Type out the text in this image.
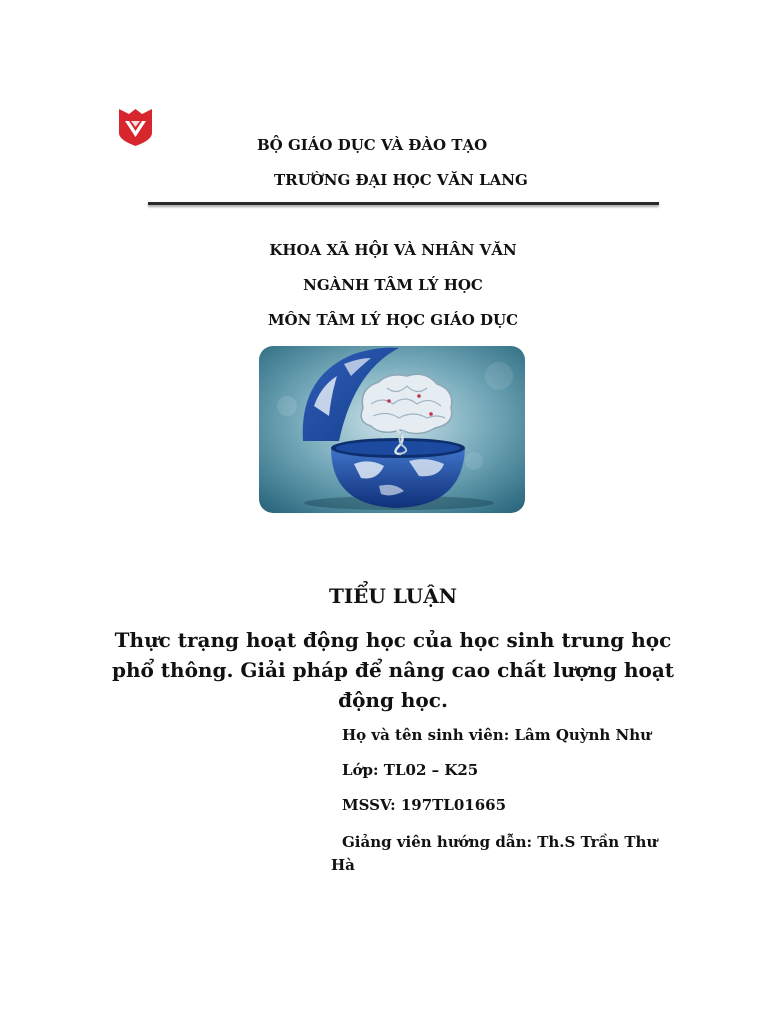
BỘ GIÁO DỤC VÀ ĐÀO TẠO
TRƯỜNG ĐẠI HỌC VĂN LANG
KHOA XÃ HỘI VÀ NHÂN VĂN
NGÀNH TÂM LÝ HỌC
MÔN TÂM LÝ HỌC GIÁO DỤC
TIỂU LUẬN
Thực trạng hoạt động học của học sinh trung học phổ thông. Giải pháp để nâng cao chất lượng hoạt động học.
Họ và tên sinh viên: Lâm Quỳnh Như
Lớp: TL02 – K25
MSSV: 197TL01665
Giảng viên hướng dẫn: Th.S Trần Thư Hà
